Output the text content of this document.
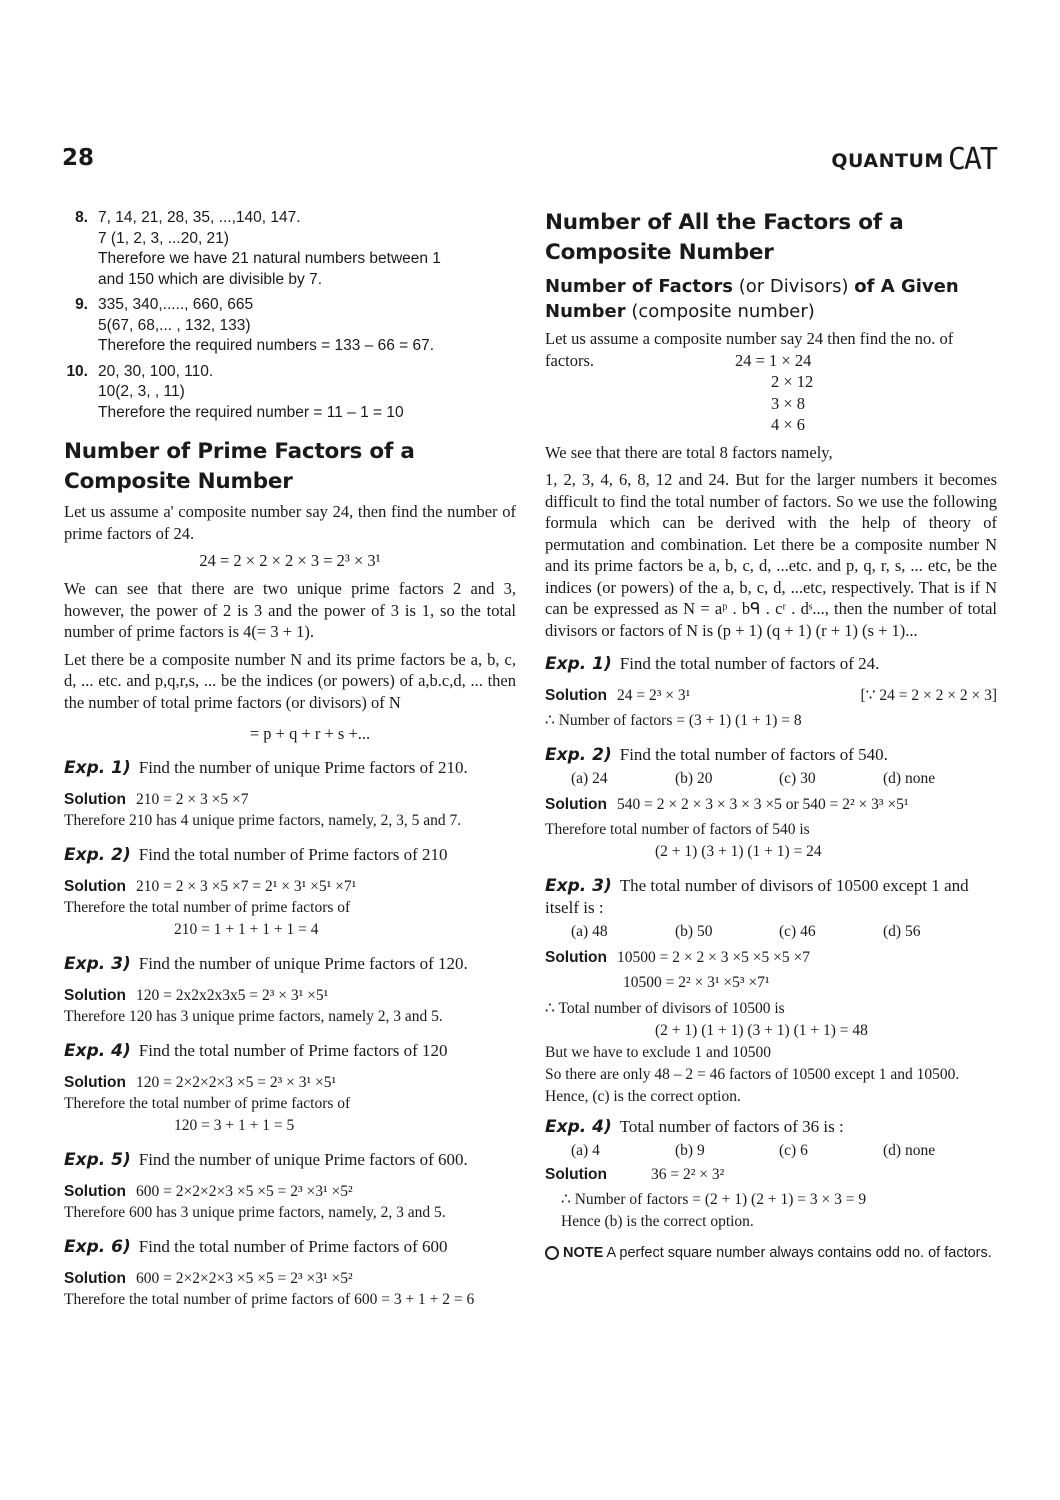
28	QUANTUM CAT
8. 7, 14, 21, 28, 35, ...,140, 147.
7 (1, 2, 3, ...20, 21)
Therefore we have 21 natural numbers between 1
and 150 which are divisible by 7.
9. 335, 340,....., 660, 665
5(67, 68,... , 132, 133)
Therefore the required numbers = 133 – 66 = 67.
10. 20, 30, 100, 110.
10(2, 3, , 11)
Therefore the required number = 11 – 1 = 10
Number of Prime Factors of a Composite Number

Let us assume a' composite number say 24, then find the number of prime factors of 24.

24 = 2 × 2 × 2 × 3 = 2³ × 3¹

We can see that there are two unique prime factors 2 and 3, however, the power of 2 is 3 and the power of 3 is 1, so the total number of prime factors is 4(= 3 + 1).

Let there be a composite number N and its prime factors be a, b, c, d, ... etc. and p,q,r,s, ... be the indices (or powers) of a,b.c,d, ... then the number of total prime factors (or divisors) of N

= p + q + r + s +...
Exp. 1) Find the number of unique Prime factors of 210.
Solution 210 = 2 × 3 ×5 ×7
Therefore 210 has 4 unique prime factors, namely, 2, 3, 5 and 7.
Exp. 2) Find the total number of Prime factors of 210
Solution 210 = 2 × 3 ×5 ×7 = 2¹ × 3¹ ×5¹ ×7¹
Therefore the total number of prime factors of
210 = 1 + 1 + 1 + 1 = 4
Exp. 3) Find the number of unique Prime factors of 120.
Solution 120 = 2x2x2x3x5 = 2³ × 3¹ ×5¹
Therefore 120 has 3 unique prime factors, namely 2, 3 and 5.
Exp. 4) Find the total number of Prime factors of 120
Solution 120 = 2×2×2×3 ×5 = 2³ × 3¹ ×5¹
Therefore the total number of prime factors of
120 = 3 + 1 + 1 = 5
Exp. 5) Find the number of unique Prime factors of 600.
Solution 600 = 2×2×2×3 ×5 ×5 = 2³ ×3¹ ×5²
Therefore 600 has 3 unique prime factors, namely, 2, 3 and 5.
Exp. 6) Find the total number of Prime factors of 600
Solution 600 = 2×2×2×3 ×5 ×5 = 2³ ×3¹ ×5²
Therefore the total number of prime factors of 600 = 3 + 1 + 2 = 6
Number of All the Factors of a Composite Number
Number of Factors (or Divisors) of A Given Number (composite number)

Let us assume a composite number say 24 then find the no. of

factors.	24 = 1 × 24
2 × 12
3 × 8
4 × 6

We see that there are total 8 factors namely,

1, 2, 3, 4, 6, 8, 12 and 24. But for the larger numbers it becomes difficult to find the total number of factors. So we use the following formula which can be derived with the help of theory of permutation and combination. Let there be a composite number N and its prime factors be a, b, c, d, ...etc. and p, q, r, s, ... etc, be the indices (or powers) of the a, b, c, d, ...etc, respectively. That is if N can be expressed as N = aᵖ . bᑫ . cʳ . dˢ..., then the number of total divisors or factors of N is (p + 1) (q + 1) (r + 1) (s + 1)...

Exp. 1) Find the total number of factors of 24.
Solution 24 = 2³ × 3¹	[∵ 24 = 2 × 2 × 2 × 3]
∴ Number of factors = (3 + 1) (1 + 1) = 8
Exp. 2) Find the total number of factors of 540.
(a) 24	(b) 20	(c) 30	(d) none
Solution 540 = 2 × 2 × 3 × 3 × 3 ×5 or 540 = 2² × 3³ ×5¹
Therefore total number of factors of 540 is
(2 + 1) (3 + 1) (1 + 1) = 24
Exp. 3) The total number of divisors of 10500 except 1 and itself is :
(a) 48	(b) 50	(c) 46	(d) 56
Solution 10500 = 2 × 2 × 3 ×5 ×5 ×5 ×7
10500 = 2² × 3¹ ×5³ ×7¹
∴ Total number of divisors of 10500 is
(2 + 1) (1 + 1) (3 + 1) (1 + 1) = 48
But we have to exclude 1 and 10500
So there are only 48 – 2 = 46 factors of 10500 except 1 and 10500.
Hence, (c) is the correct option.
Exp. 4) Total number of factors of 36 is :
(a) 4	(b) 9	(c) 6	(d) none
Solution	36 = 2² × 3²
∴ Number of factors = (2 + 1) (2 + 1) = 3 × 3 = 9
Hence (b) is the correct option.
NOTE A perfect square number always contains odd no. of factors.
